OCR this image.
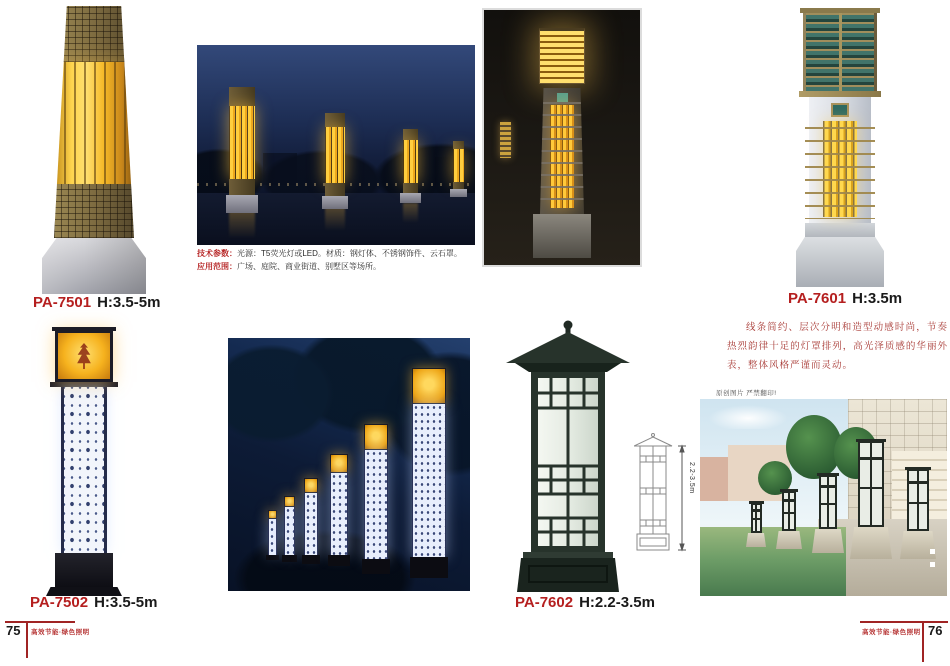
PA-7501 H:3.5-5m
技术参数：光源：T5荧光灯或LED。材质：钢灯体、不锈钢饰件、云石罩。
应用范围：广场、庭院、商业街道、别墅区等场所。
PA-7601 H:3.5m
线条简约、层次分明和造型动感时尚，节奏热烈韵律十足的灯罩排列，高光泽质感的华丽外表，整体风格严谨而灵动。
PA-7502 H:3.5-5m	PA-7602 H:2.2-3.5m
2.2-3.5m
原创图片 严禁翻印!
75 高效节能·绿色照明	高效节能·绿色照明 76
